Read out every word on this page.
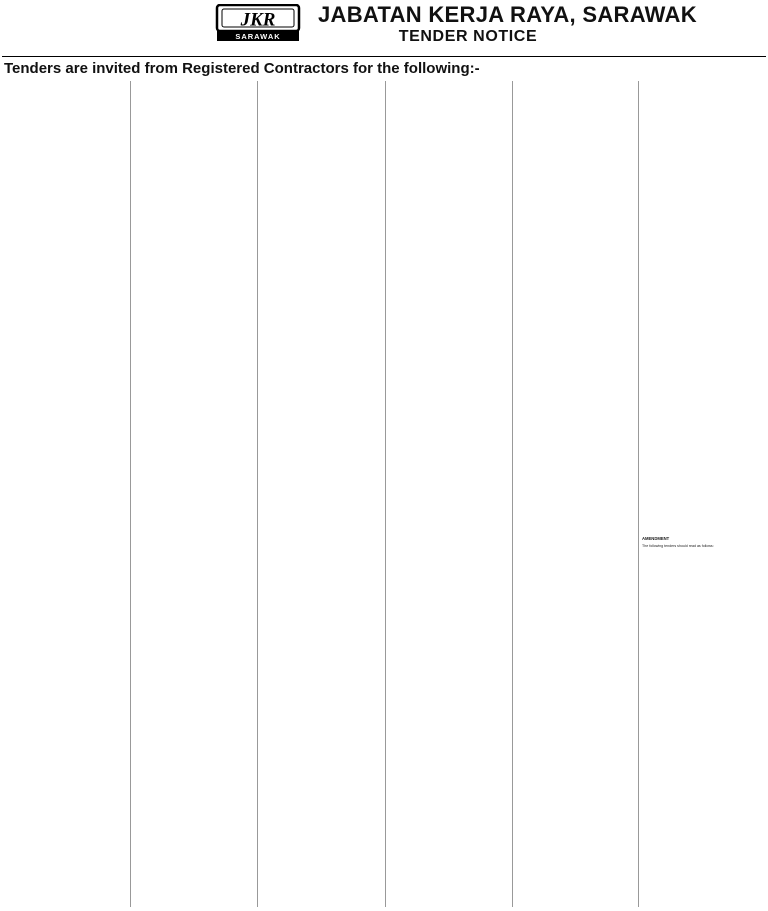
JKR
SARAWAK
JABATAN KERJA RAYA, SARAWAK
TENDER NOTICE
Tenders are invited from Registered Contractors for the following:-

AMENDMENT

The following tenders should read as follows:
